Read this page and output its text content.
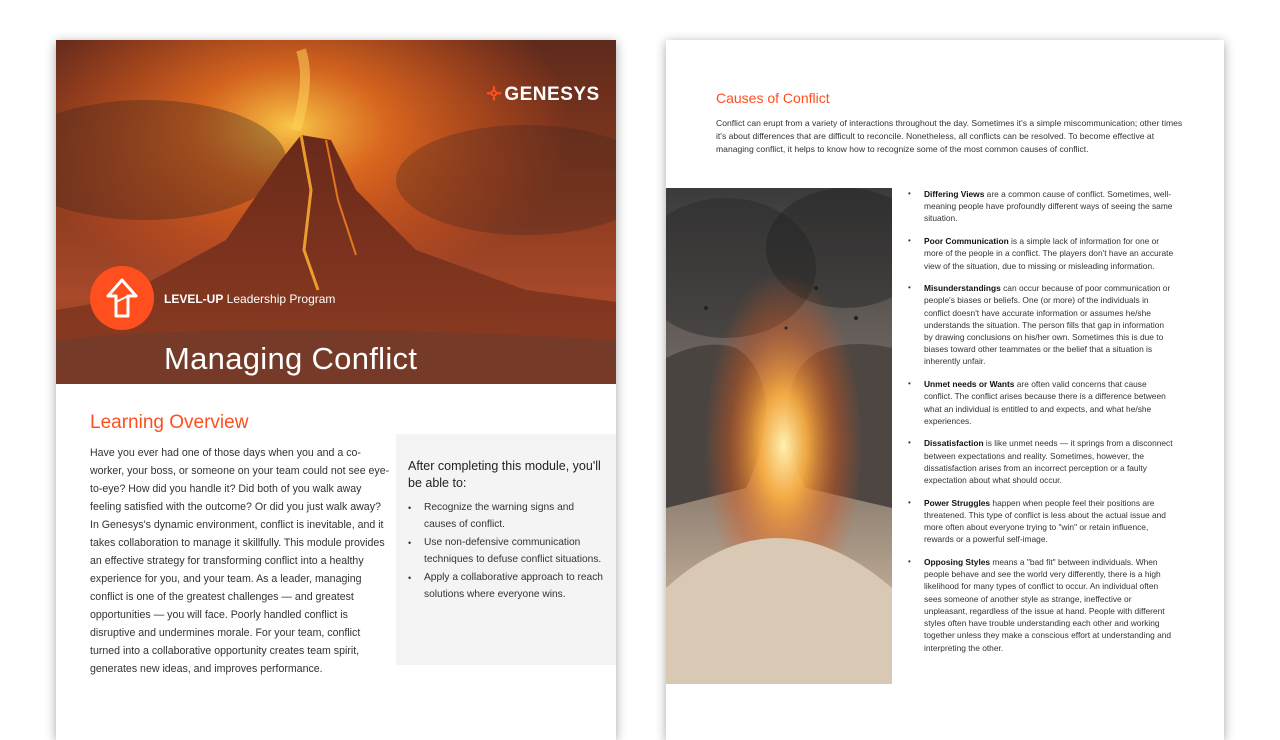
🝊 GENESYS
LEVEL-UP Leadership Program
Managing Conflict
Learning Overview

Have you ever had one of those days when you and a co-worker, your boss, or someone on your team could not see eye-to-eye? How did you handle it? Did both of you walk away feeling satisfied with the outcome? Or did you just walk away? In Genesys's dynamic environment, conflict is inevitable, and it takes collaboration to manage it skillfully. This module provides an effective strategy for transforming conflict into a healthy experience for you, and your team. As a leader, managing conflict is one of the greatest challenges — and greatest opportunities — you will face. Poorly handled conflict is disruptive and undermines morale. For your team, conflict turned into a collaborative opportunity creates team spirit, generates new ideas, and improves performance.

After completing this module, you'll be able to:
• Recognize the warning signs and causes of conflict.
• Use non-defensive communication techniques to defuse conflict situations.
• Apply a collaborative approach to reach solutions where everyone wins.
Causes of Conflict

Conflict can erupt from a variety of interactions throughout the day. Sometimes it's a simple miscommunication; other times it's about differences that are difficult to reconcile. Nonetheless, all conflicts can be resolved. To become effective at managing conflict, it helps to know how to recognize some of the most common causes of conflict.

• Differing Views are a common cause of conflict. Sometimes, well-meaning people have profoundly different ways of seeing the same situation.
• Poor Communication is a simple lack of information for one or more of the people in a conflict. The players don't have an accurate view of the situation, due to missing or misleading information.
• Misunderstandings can occur because of poor communication or people's biases or beliefs. One (or more) of the individuals in conflict doesn't have accurate information or assumes he/she understands the situation. The person fills that gap in information by drawing conclusions on his/her own. Sometimes this is due to biases toward other teammates or the belief that a situation is inherently unfair.
• Unmet needs or Wants are often valid concerns that cause conflict. The conflict arises because there is a difference between what an individual is entitled to and expects, and what he/she experiences.
• Dissatisfaction is like unmet needs — it springs from a disconnect between expectations and reality. Sometimes, however, the dissatisfaction arises from an incorrect perception or a faulty expectation about what should occur.
• Power Struggles happen when people feel their positions are threatened. This type of conflict is less about the actual issue and more often about everyone trying to "win" or retain influence, rewards or a powerful self-image.
• Opposing Styles means a "bad fit" between individuals. When people behave and see the world very differently, there is a high likelihood for many types of conflict to occur. An individual often sees someone of another style as strange, ineffective or unpleasant, regardless of the issue at hand. People with different styles often have trouble understanding each other and working together unless they make a conscious effort at understanding and interpreting the other.
